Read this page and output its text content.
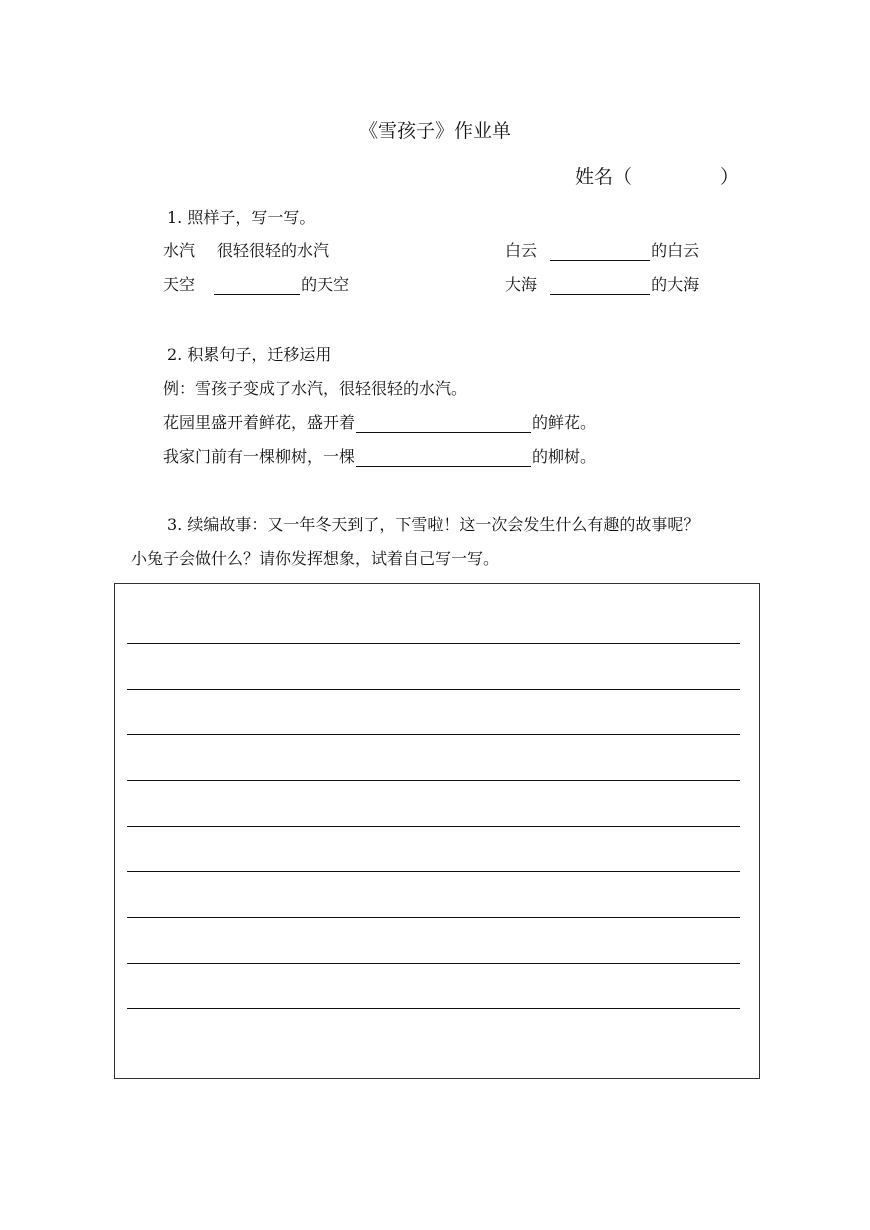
《雪孩子》作业单
姓名（	）
1. 照样子，写一写。
水汽 很轻很轻的水汽	白云	的白云
天空	的天空	大海	的大海
2. 积累句子，迁移运用
例：雪孩子变成了水汽，很轻很轻的水汽。
花园里盛开着鲜花，盛开着	的鲜花。
我家门前有一棵柳树，一棵	的柳树。
3. 续编故事：又一年冬天到了，下雪啦！这一次会发生什么有趣的故事呢？
小兔子会做什么？请你发挥想象，试着自己写一写。
